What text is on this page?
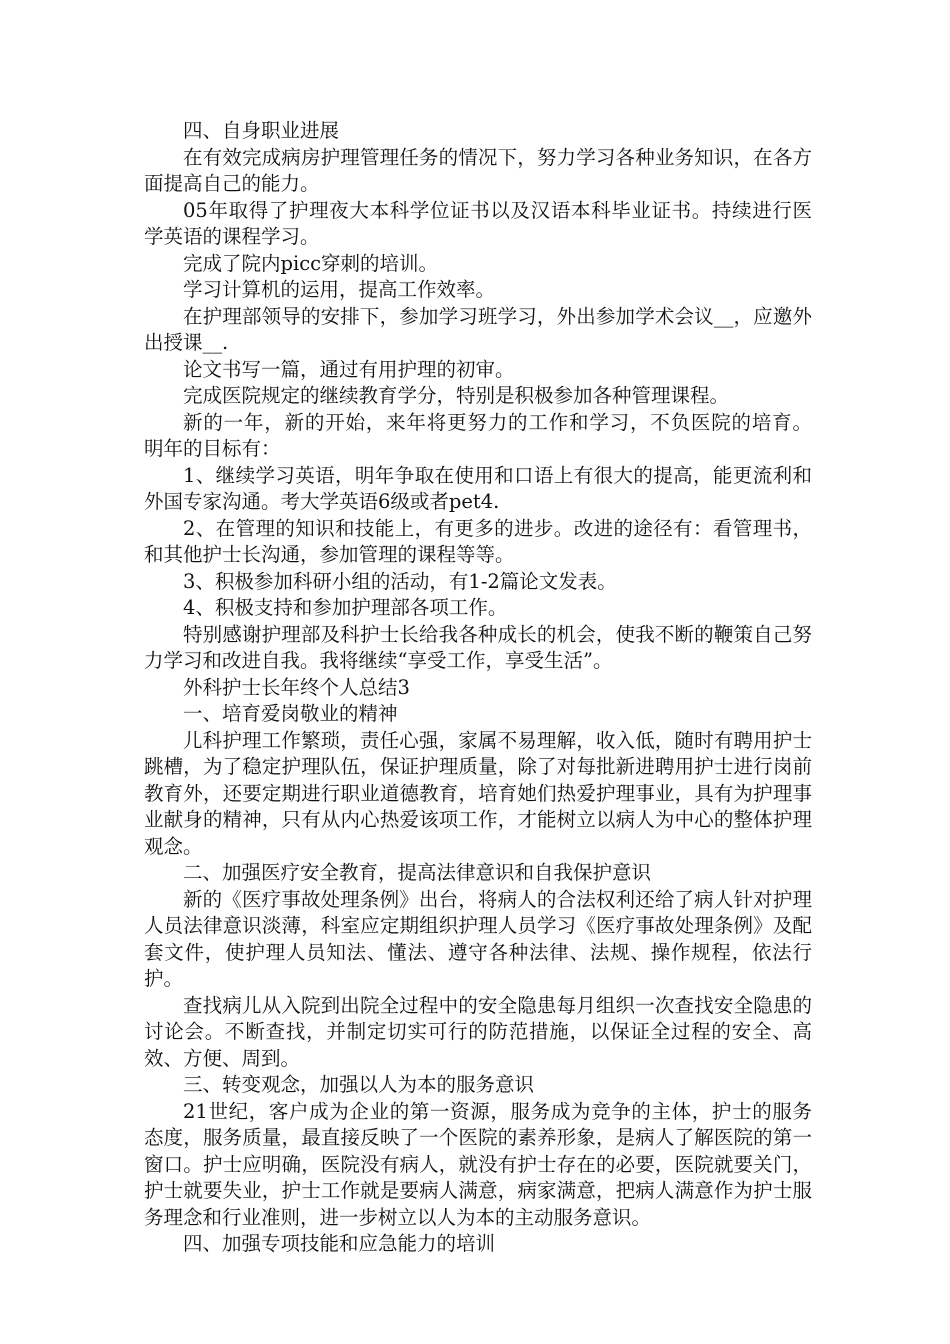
四、自身职业进展

在有效完成病房护理管理任务的情况下，努力学习各种业务知识，在各方面提高自己的能力。

05年取得了护理夜大本科学位证书以及汉语本科毕业证书。持续进行医学英语的课程学习。

完成了院内picc穿刺的培训。

学习计算机的运用，提高工作效率。

在护理部领导的安排下，参加学习班学习，外出参加学术会议__，应邀外出授课__.

论文书写一篇，通过有用护理的初审。

完成医院规定的继续教育学分，特别是积极参加各种管理课程。

新的一年，新的开始，来年将更努力的工作和学习，不负医院的培育。 明年的目标有：

1、继续学习英语，明年争取在使用和口语上有很大的提高，能更流利和外国专家沟通。考大学英语6级或者pet4.

2、在管理的知识和技能上，有更多的进步。改进的途径有：看管理书，和其他护士长沟通，参加管理的课程等等。

3、积极参加科研小组的活动，有1-2篇论文发表。

4、积极支持和参加护理部各项工作。

特别感谢护理部及科护士长给我各种成长的机会，使我不断的鞭策自己努力学习和改进自我。我将继续“享受工作，享受生活”。

外科护士长年终个人总结3

一、培育爱岗敬业的精神

儿科护理工作繁琐，责任心强，家属不易理解，收入低，随时有聘用护士跳槽，为了稳定护理队伍，保证护理质量，除了对每批新进聘用护士进行岗前教育外，还要定期进行职业道德教育，培育她们热爱护理事业，具有为护理事业献身的精神，只有从内心热爱该项工作，才能树立以病人为中心的整体护理观念。

二、加强医疗安全教育，提高法律意识和自我保护意识

新的《医疗事故处理条例》出台，将病人的合法权利还给了病人针对护理人员法律意识淡薄，科室应定期组织护理人员学习《医疗事故处理条例》及配套文件，使护理人员知法、懂法、遵守各种法律、法规、操作规程，依法行护。

查找病儿从入院到出院全过程中的安全隐患每月组织一次查找安全隐患的讨论会。不断查找，并制定切实可行的防范措施，以保证全过程的安全、高效、方便、周到。

三、转变观念，加强以人为本的服务意识

21世纪，客户成为企业的第一资源，服务成为竞争的主体，护士的服务态度，服务质量，最直接反映了一个医院的素养形象，是病人了解医院的第一窗口。护士应明确，医院没有病人，就没有护士存在的必要，医院就要关门，护士就要失业，护士工作就是要病人满意，病家满意，把病人满意作为护士服务理念和行业准则，进一步树立以人为本的主动服务意识。

四、加强专项技能和应急能力的培训
